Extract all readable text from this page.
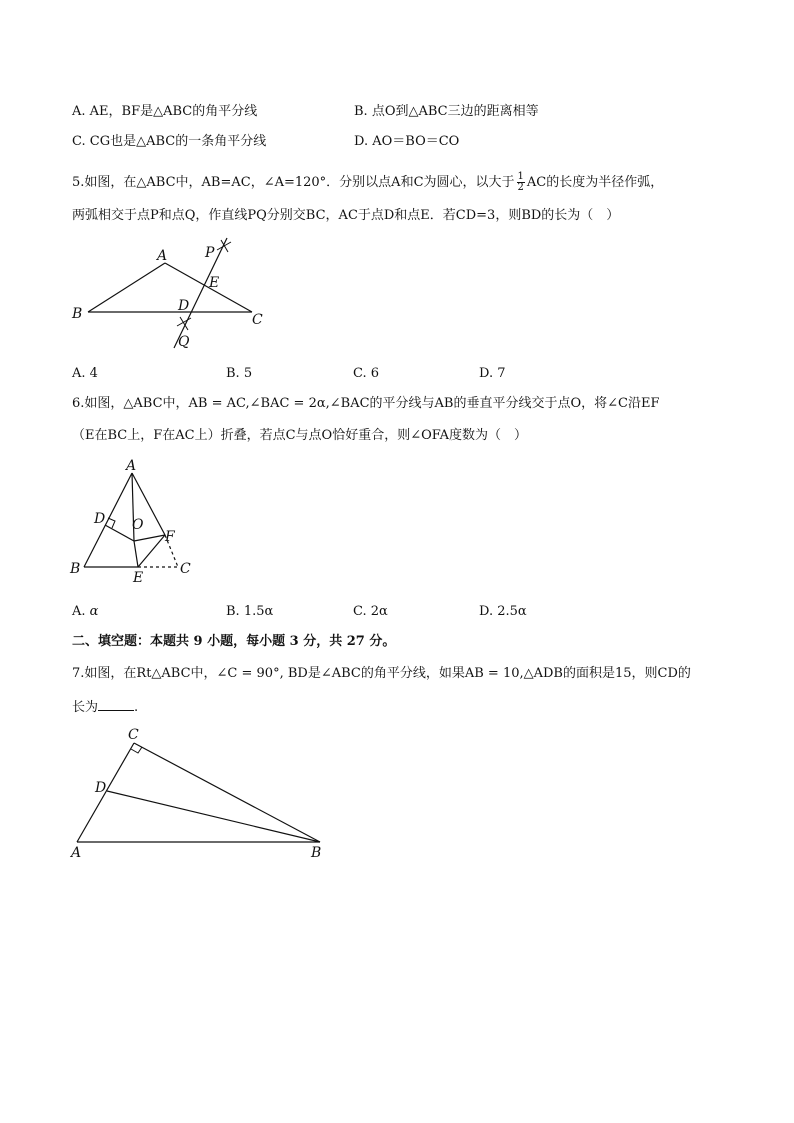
A. AE，BF是△ABC的角平分线	B. 点O到△ABC三边的距离相等
C. CG也是△ABC的一条角平分线	D. AO＝BO＝CO
5.如图，在△ABC中，AB=AC，∠A=120°．分别以点A和C为圆心，以大于 $\frac{1}{2}$ AC的长度为半径作弧，
两弧相交于点P和点Q，作直线PQ分别交BC，AC于点D和点E．若CD=3，则BD的长为（　）
A
B	C
D
E
P
Q
A. 4	B. 5	C. 6	D. 7
6.如图，△ABC中，AB = AC,∠BAC = 2α,∠BAC的平分线与AB的垂直平分线交于点O，将∠C沿EF
（E在BC上，F在AC上）折叠，若点C与点O恰好重合，则∠OFA度数为（　）
A
B	C
D
E
F
O
A. α	B. 1.5α	C. 2α	D. 2.5α
二、填空题：本题共 9 小题，每小题 3 分，共 27 分。
7.如图，在Rt△ABC中，∠C = 90°, BD是∠ABC的角平分线，如果AB = 10,△ADB的面积是15，则CD的
长为	.
C
D
A	B
